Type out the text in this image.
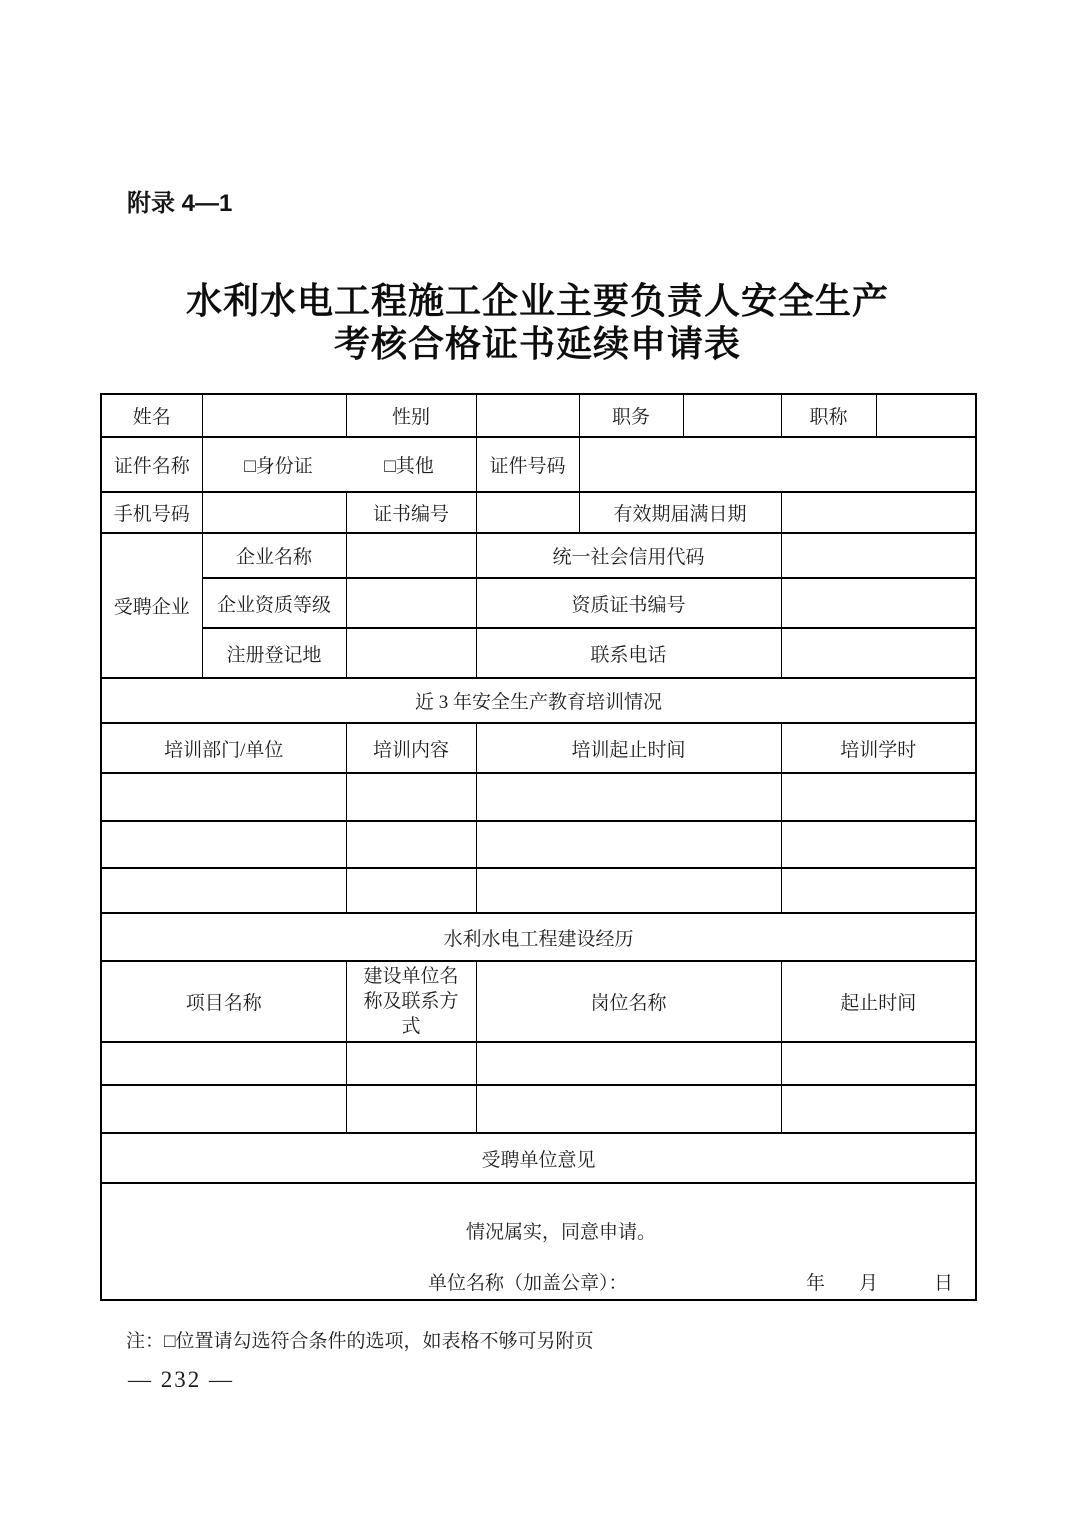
附录 4—1
水利水电工程施工企业主要负责人安全生产
考核合格证书延续申请表
姓名		性别		职务		职称	
证件名称	□身份证 □其他		证件号码				
手机号码		证书编号		有效期届满日期			
受聘企业	企业名称		统一社会信用代码				
	企业资质等级		资质证书编号				
	注册登记地		联系电话				
近 3 年安全生产教育培训情况							
培训部门/单位		培训内容	培训起止时间			培训学时	

水利水电工程建设经历							
项目名称		建设单位名称及联系方式	岗位名称			起止时间	

受聘单位意见							

情况属实，同意申请。
单位名称（加盖公章）： 年 月 日							
注：□位置请勾选符合条件的选项，如表格不够可另附页
— 232 —
